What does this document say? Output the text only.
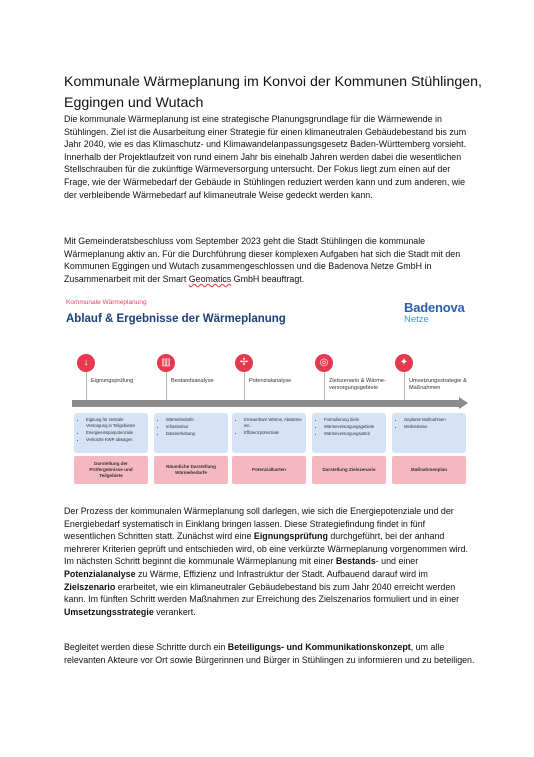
Kommunale Wärmeplanung im Konvoi der Kommunen Stühlingen, Eggingen und Wutach

Die kommunale Wärmeplanung ist eine strategische Planungsgrundlage für die Wärmewende in Stühlingen. Ziel ist die Ausarbeitung einer Strategie für einen klimaneutralen Gebäudebestand bis zum Jahr 2040, wie es das Klimaschutz- und Klimawandelanpassungsgesetz Baden-Württemberg vorsieht. Innerhalb der Projektlaufzeit von rund einem Jahr bis einehalb Jahren werden dabei die wesentlichen Stellschrauben für die zukünftige Wärmeversorgung untersucht. Der Fokus liegt zum einen auf der Frage, wie der Wärmebedarf der Gebäude in Stühlingen reduziert werden kann und zum anderen, wie der verbleibende Wärmebedarf auf klimaneutrale Weise gedeckt werden kann.

Mit Gemeinderatsbeschluss vom September 2023 geht die Stadt Stühlingen die kommunale Wärmeplanung aktiv an. Für die Durchführung dieser komplexen Aufgaben hat sich die Stadt mit den Kommunen Eggingen und Wutach zusammengeschlossen und die Badenova Netze GmbH in Zusammenarbeit mit der Smart Geomatics GmbH beauftragt.

Kommunale Wärmeplanung
Ablauf & Ergebnisse der Wärmeplanung
Badenova
Netze
↓
Eignungsprüfung
• Eignung für zentrale Versorgung in Teilgebieten
• Energieeinsparpotenziale
• Verkürzte KWP abwägen
Darstellung der Prüfergebnisse und Teilgebiete
▥
Bestandsanalyse
• Wärmebedarfe
• Infrastruktur
• Datenerhebung
Räumliche Darstellung Wärmebedarfe
✢
Potenzialanalyse
• Erneuerbare Wärme, Abwärme etc.
• Effizienzpotenziale
Potenzialkarten
◎
Zielszenario & Wärme-versorgungsgebiete
• Formulierung Ziele
• Wärmeversorgungsgebiete
• Wärmeversorgungsarten
Darstellung Zielszenario
✦
Umsetzungsstrategie & Maßnahmen
• Geplante Maßnahmen
• Meilensteine
Maßnahmenplan

Der Prozess der kommunalen Wärmeplanung soll darlegen, wie sich die Energiepotenziale und der Energiebedarf systematisch in Einklang bringen lassen. Diese Strategiefindung findet in fünf wesentlichen Schritten statt. Zunächst wird eine Eignungsprüfung durchgeführt, bei der anhand mehrerer Kriterien geprüft und entschieden wird, ob eine verkürzte Wärmeplanung vorgenommen wird. Im nächsten Schritt beginnt die kommunale Wärmeplanung mit einer Bestands- und einer Potenzialanalyse zu Wärme, Effizienz und Infrastruktur der Stadt. Aufbauend darauf wird im Zielszenario erarbeitet, wie ein klimaneutraler Gebäudebestand bis zum Jahr 2040 erreicht werden kann. Im fünften Schritt werden Maßnahmen zur Erreichung des Zielszenarios formuliert und in einer Umsetzungsstrategie verankert.

Begleitet werden diese Schritte durch ein Beteiligungs- und Kommunikationskonzept, um alle relevanten Akteure vor Ort sowie Bürgerinnen und Bürger in Stühlingen zu informieren und zu beteiligen.
